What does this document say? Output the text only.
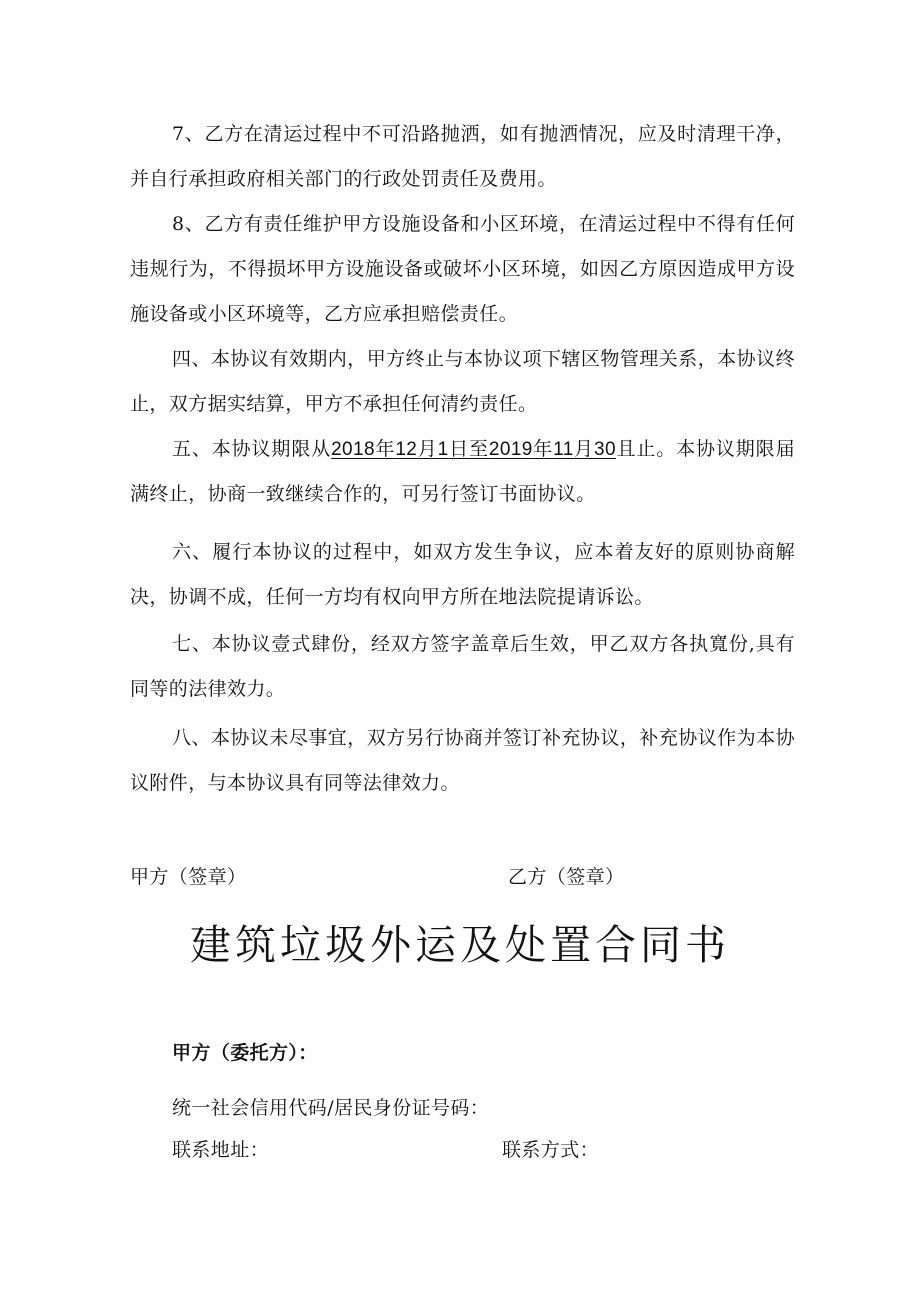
7、乙方在清运过程中不可沿路抛洒，如有抛洒情况，应及时清理干净，并自行承担政府相关部门的行政处罚责任及费用。

8、乙方有责任维护甲方设施设备和小区环境，在清运过程中不得有任何违规行为，不得损坏甲方设施设备或破坏小区环境，如因乙方原因造成甲方设施设备或小区环境等，乙方应承担赔偿责任。

四、本协议有效期内，甲方终止与本协议项下辖区物管理关系，本协议终止，双方据实结算，甲方不承担任何清约责任。

五、本协议期限从2018年12月1日至2019年11月30且止。本协议期限届满终止，协商一致继续合作的，可另行签订书面协议。

六、履行本协议的过程中，如双方发生争议，应本着友好的原则协商解决，协调不成，任何一方均有权向甲方所在地法院提请诉讼。

七、本协议壹式肆份，经双方签字盖章后生效，甲乙双方各执寬份,具有同等的法律效力。

八、本协议未尽事宜，双方另行协商并签订补充协议，补充协议作为本协议附件，与本协议具有同等法律效力。

甲方（签章）	乙方（签章）
建筑垃圾外运及处置合同书
甲方（委托方）：
统一社会信用代码/居民身份证号码：
联系地址：	联系方式：
